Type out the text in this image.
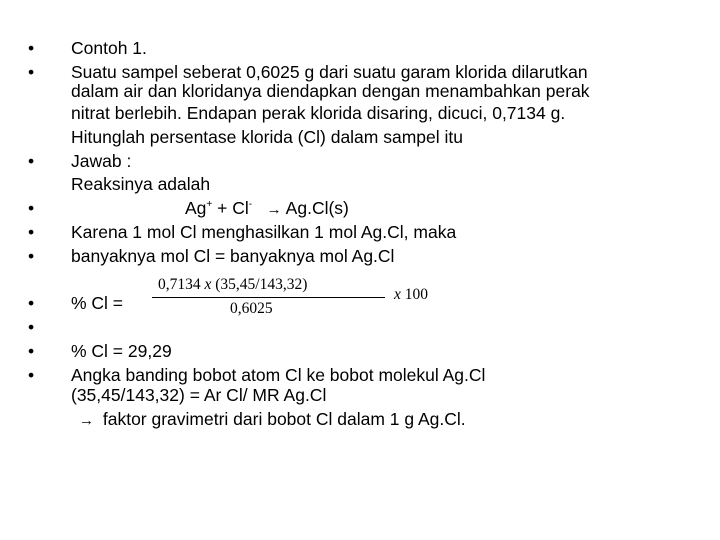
•
•
•
•
•
•
•
•
•
•
Contoh 1.
Suatu sampel seberat 0,6025 g dari suatu garam klorida dilarutkan
dalam air dan kloridanya diendapkan dengan menambahkan perak
nitrat berlebih. Endapan perak klorida disaring, dicuci, 0,7134 g.
Hitunglah persentase klorida (Cl) dalam sampel itu
Jawab :
Reaksinya adalah
Ag+ + Cl- → Ag.Cl(s)
Karena 1 mol Cl menghasilkan 1 mol Ag.Cl, maka
banyaknya mol Cl = banyaknya mol Ag.Cl
% Cl =
0,7134 x (35,45/143,32)
0,6025
x 100
% Cl = 29,29
Angka banding bobot atom Cl ke bobot molekul Ag.Cl
(35,45/143,32) = Ar Cl/ MR Ag.Cl
→ faktor gravimetri dari bobot Cl dalam 1 g Ag.Cl.
